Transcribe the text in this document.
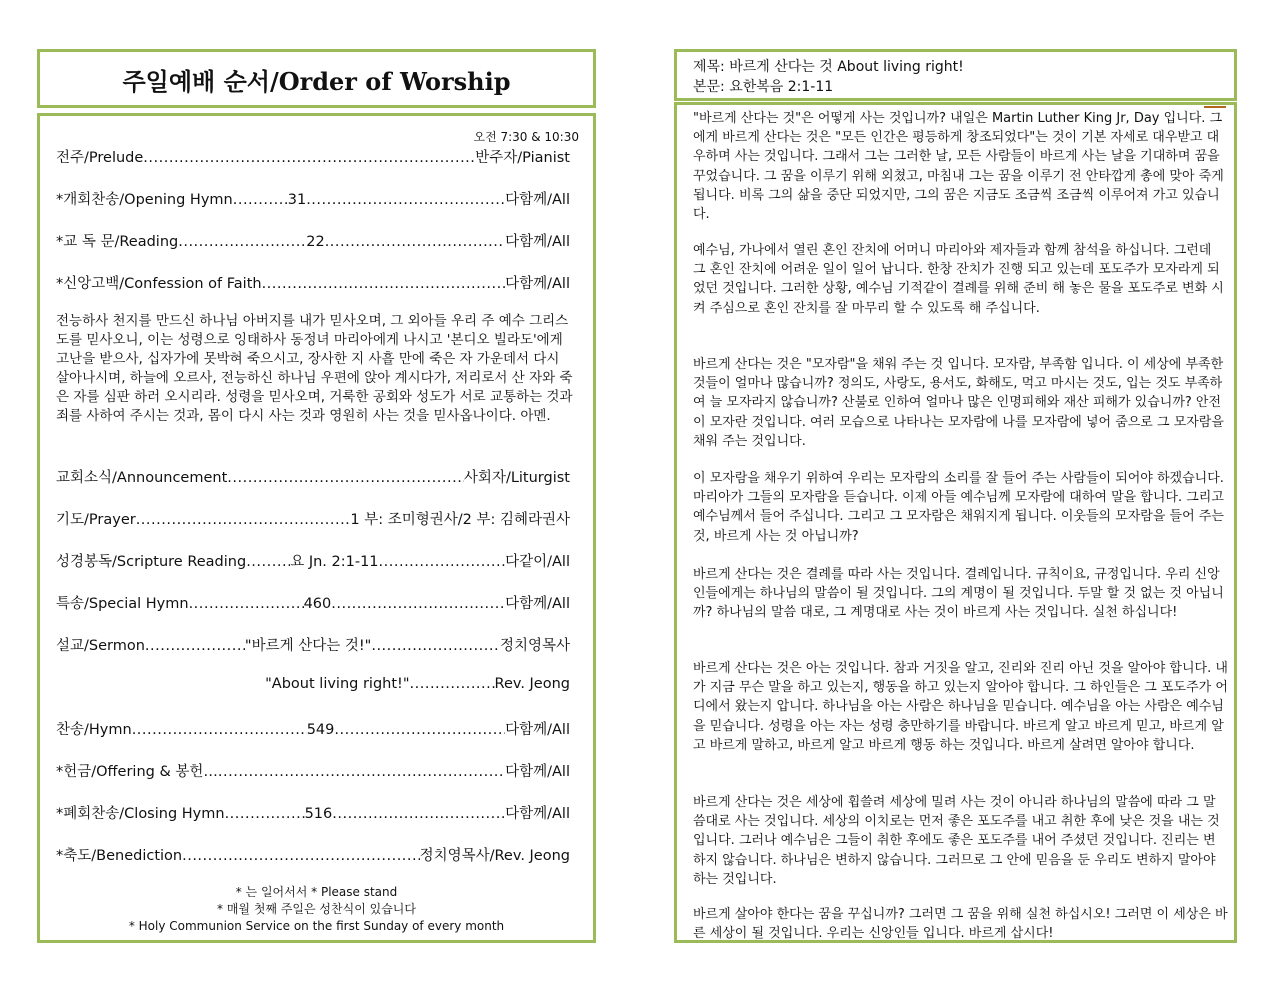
주일예배 순서/Order of Worship
오전 7:30 & 10:30
전주/Prelude .....	반주자/Pianist
*개회찬송/Opening Hymn .....	31 .....	다함께/All
*교 독 문/Reading .....	22 .....	다함께/All
*신앙고백/Confession of Faith .....	다함께/All
전능하사 천지를 만드신 하나님 아버지를 내가 믿사오며, 그 외아들 우리 주 예수 그리스도를 믿사오니, 이는 성령으로 잉태하사 동정녀 마리아에게 나시고 '본디오 빌라도'에게 고난을 받으사, 십자가에 못박혀 죽으시고, 장사한 지 사흘 만에 죽은 자 가운데서 다시 살아나시며, 하늘에 오르사, 전능하신 하나님 우편에 앉아 계시다가, 저리로서 산 자와 죽은 자를 심판 하러 오시리라. 성령을 믿사오며, 거룩한 공회와 성도가 서로 교통하는 것과 죄를 사하여 주시는 것과, 몸이 다시 사는 것과 영원히 사는 것을 믿사옵나이다. 아멘.
교회소식/Announcement .....	사회자/Liturgist
기도/Prayer .....	1 부: 조미형권사/2 부: 김혜라권사
성경봉독/Scripture Reading .....	요 Jn. 2:1-11 .....	다같이/All
특송/Special Hymn .....	460 .....	다함께/All
설교/Sermon .....	"바르게 산다는 것!" .....	정치영목사
"About living right!" .....	Rev. Jeong
찬송/Hymn .....	549 .....	다함께/All
*헌금/Offering & 봉헌… .....	다함께/All
*폐회찬송/Closing Hymn .....	516 .....	다함께/All
*축도/Benediction .....	정치영목사/Rev. Jeong
* 는 일어서서 * Please stand
* 매월 첫째 주일은 성찬식이 있습니다
* Holy Communion Service on the first Sunday of every month
제목: 바르게 산다는 것 About living right!
본문: 요한복음 2:1-11
"바르게 산다는 것"은 어떻게 사는 것입니까? 내일은 Martin Luther King Jr, Day 입니다. 그에게 바르게 산다는 것은 "모든 인간은 평등하게 창조되었다"는 것이 기본 자세로 대우받고 대우하며 사는 것입니다. 그래서 그는 그러한 날, 모든 사람들이 바르게 사는 날을 기대하며 꿈을 꾸었습니다. 그 꿈을 이루기 위해 외쳤고, 마침내 그는 꿈을 이루기 전 안타깝게 총에 맞아 죽게 됩니다. 비록 그의 삶을 중단 되었지만, 그의 꿈은 지금도 조금씩 조금씩 이루어져 가고 있습니다.
예수님, 가나에서 열린 혼인 잔치에 어머니 마리아와 제자들과 함께 참석을 하십니다. 그런데 그 혼인 잔치에 어려운 일이 일어 납니다. 한창 잔치가 진행 되고 있는데 포도주가 모자라게 되었던 것입니다. 그러한 상황, 예수님 기적같이 결례를 위해 준비 해 놓은 물을 포도주로 변화 시켜 주심으로 혼인 잔치를 잘 마무리 할 수 있도록 해 주십니다.
바르게 산다는 것은 "모자람"을 채워 주는 것 입니다. 모자람, 부족함 입니다. 이 세상에 부족한 것들이 얼마나 많습니까? 정의도, 사랑도, 용서도, 화해도, 먹고 마시는 것도, 입는 것도 부족하여 늘 모자라지 않습니까? 산불로 인하여 얼마나 많은 인명피해와 재산 피해가 있습니까? 안전이 모자란 것입니다. 여러 모습으로 나타나는 모자람에 나를 모자람에 넣어 줌으로 그 모자람을 채워 주는 것입니다.
이 모자람을 채우기 위하여 우리는 모자람의 소리를 잘 들어 주는 사람들이 되어야 하겠습니다. 마리아가 그들의 모자람을 듣습니다. 이제 아들 예수님께 모자람에 대하여 말을 합니다. 그리고 예수님께서 들어 주십니다. 그리고 그 모자람은 채워지게 됩니다. 이웃들의 모자람을 들어 주는 것, 바르게 사는 것 아닙니까?
바르게 산다는 것은 결례를 따라 사는 것입니다. 결례입니다. 규칙이요, 규정입니다. 우리 신앙인들에게는 하나님의 말씀이 될 것입니다. 그의 계명이 될 것입니다. 두말 할 것 없는 것 아닙니까? 하나님의 말씀 대로, 그 계명대로 사는 것이 바르게 사는 것입니다. 실천 하십니다!
바르게 산다는 것은 아는 것입니다. 참과 거짓을 알고, 진리와 진리 아닌 것을 알아야 합니다. 내가 지금 무슨 말을 하고 있는지, 행동을 하고 있는지 알아야 합니다. 그 하인들은 그 포도주가 어디에서 왔는지 압니다. 하나님을 아는 사람은 하나님을 믿습니다. 예수님을 아는 사람은 예수님을 믿습니다. 성령을 아는 자는 성령 충만하기를 바랍니다. 바르게 알고 바르게 믿고, 바르게 알고 바르게 말하고, 바르게 알고 바르게 행동 하는 것입니다. 바르게 살려면 알아야 합니다.
바르게 산다는 것은 세상에 휩쓸려 세상에 밀려 사는 것이 아니라 하나님의 말씀에 따라 그 말씀대로 사는 것입니다. 세상의 이치로는 먼저 좋은 포도주를 내고 취한 후에 낮은 것을 내는 것입니다. 그러나 예수님은 그들이 취한 후에도 좋은 포도주를 내어 주셨던 것입니다. 진리는 변하지 않습니다. 하나님은 변하지 않습니다. 그러므로 그 안에 믿음을 둔 우리도 변하지 말아야 하는 것입니다.
바르게 살아야 한다는 꿈을 꾸십니까? 그러면 그 꿈을 위해 실천 하십시오! 그러면 이 세상은 바른 세상이 될 것입니다. 우리는 신앙인들 입니다. 바르게 삽시다!
